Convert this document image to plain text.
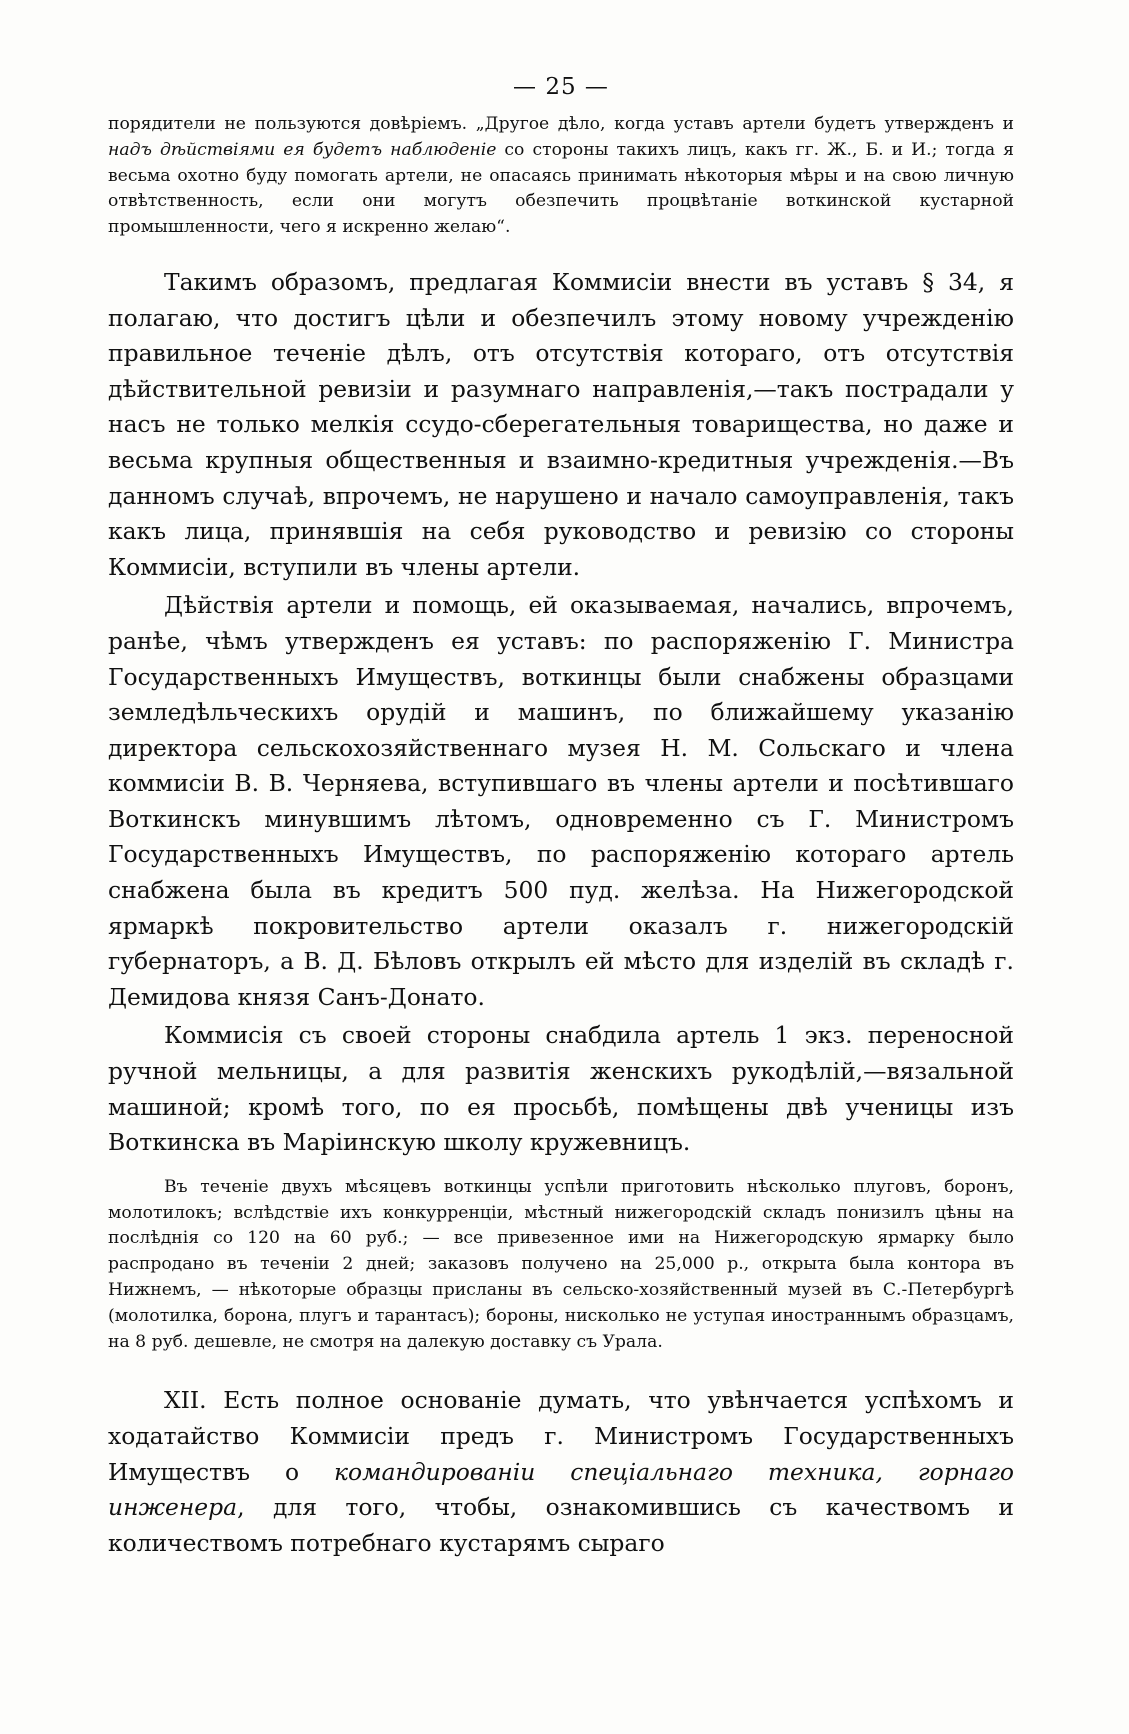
— 25 —

порядители не пользуются довѣріемъ. „Другое дѣло, когда уставъ артели будетъ утвержденъ и надъ дѣйствіями ея будетъ наблюденіе со стороны такихъ лицъ, какъ гг. Ж., Б. и И.; тогда я весьма охотно буду помогать артели, не опасаясь принимать нѣкоторыя мѣры и на свою личную отвѣтственность, если они могутъ обезпечить процвѣтаніе воткинской кустарной промышленности, чего я искренно желаю“.

Такимъ образомъ, предлагая Коммисіи внести въ уставъ § 34, я полагаю, что достигъ цѣли и обезпечилъ этому новому учрежденію правильное теченіе дѣлъ, отъ отсутствія котораго, отъ отсутствія дѣйствительной ревизіи и разумнаго направленія,—такъ пострадали у насъ не только мелкія ссудо-сберегательныя товарищества, но даже и весьма крупныя общественныя и взаимно-кредитныя учрежденія.—Въ данномъ случаѣ, впрочемъ, не нарушено и начало самоуправленія, такъ какъ лица, принявшія на себя руководство и ревизію со стороны Коммисіи, вступили въ члены артели.

Дѣйствія артели и помощь, ей оказываемая, начались, впрочемъ, ранѣе, чѣмъ утвержденъ ея уставъ: по распоряженію Г. Министра Государственныхъ Имуществъ, воткинцы были снабжены образцами земледѣльческихъ орудій и машинъ, по ближайшему указанію директора сельскохозяйственнаго музея Н. М. Сольскаго и члена коммисіи В. В. Черняева, вступившаго въ члены артели и посѣтившаго Воткинскъ минувшимъ лѣтомъ, одновременно съ Г. Министромъ Государственныхъ Имуществъ, по распоряженію котораго артель снабжена была въ кредитъ 500 пуд. желѣза. На Нижегородской ярмаркѣ покровительство артели оказалъ г. нижегородскій губернаторъ, а В. Д. Бѣловъ открылъ ей мѣсто для изделій въ складѣ г. Демидова князя Санъ-Донато.

Коммисія съ своей стороны снабдила артель 1 экз. переносной ручной мельницы, а для развитія женскихъ рукодѣлій,—вязальной машиной; кромѣ того, по ея просьбѣ, помѣщены двѣ ученицы изъ Воткинска въ Маріинскую школу кружевницъ.

Въ теченіе двухъ мѣсяцевъ воткинцы успѣли приготовить нѣсколько плуговъ, боронъ, молотилокъ; вслѣдствіе ихъ конкурренціи, мѣстный нижегородскій складъ понизилъ цѣны на послѣднія со 120 на 60 руб.; — все привезенное ими на Нижегородскую ярмарку было распродано въ теченіи 2 дней; заказовъ получено на 25,000 р., открыта была контора въ Нижнемъ, — нѣкоторые образцы присланы въ сельско-хозяйственный музей въ С.-Петербургѣ (молотилка, борона, плугъ и тарантасъ); бороны, нисколько не уступая иностраннымъ образцамъ, на 8 руб. дешевле, не смотря на далекую доставку съ Урала.

XII. Есть полное основаніе думать, что увѣнчается успѣхомъ и ходатайство Коммисіи предъ г. Министромъ Государственныхъ Имуществъ о командированіи спеціальнаго техника, горнаго инженера, для того, чтобы, ознакомившись съ качествомъ и количествомъ потребнаго кустарямъ сыраго
